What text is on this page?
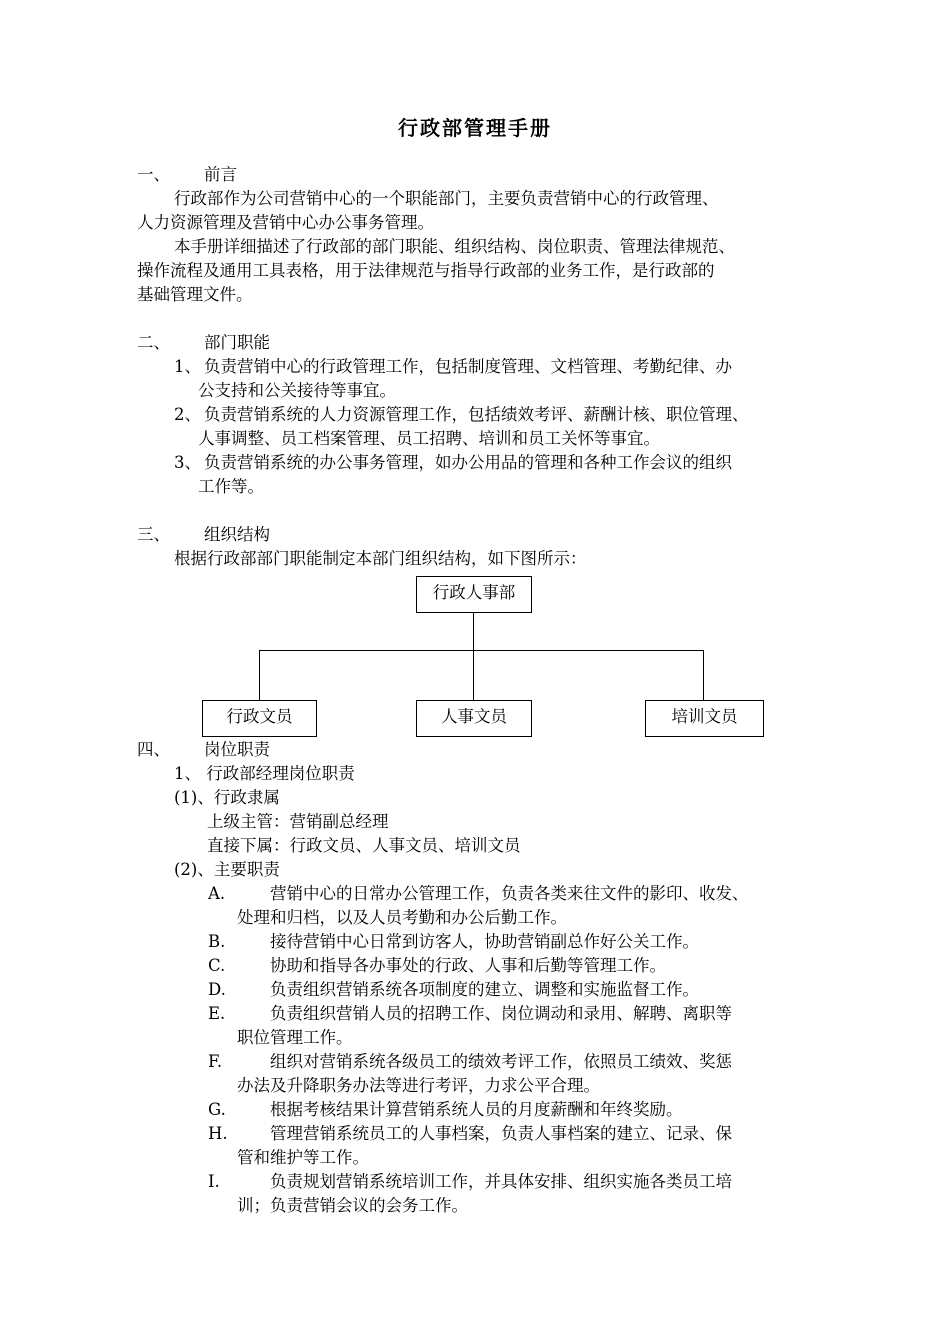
行政部管理手册
一、 前言
行政部作为公司营销中心的一个职能部门，主要负责营销中心的行政管理、
人力资源管理及营销中心办公事务管理。
本手册详细描述了行政部的部门职能、组织结构、岗位职责、管理法律规范、
操作流程及通用工具表格，用于法律规范与指导行政部的业务工作，是行政部的
基础管理文件。
二、 部门职能
1、 负责营销中心的行政管理工作，包括制度管理、文档管理、考勤纪律、办
公支持和公关接待等事宜。
2、 负责营销系统的人力资源管理工作，包括绩效考评、薪酬计核、职位管理、
人事调整、员工档案管理、员工招聘、培训和员工关怀等事宜。
3、 负责营销系统的办公事务管理，如办公用品的管理和各种工作会议的组织
工作等。
三、 组织结构
根据行政部部门职能制定本部门组织结构，如下图所示：
行政人事部
行政文员	人事文员	培训文员
四、 岗位职责
1、 行政部经理岗位职责
(1)、行政隶属
上级主管：营销副总经理
直接下属：行政文员、人事文员、培训文员
(2)、主要职责
A.	营销中心的日常办公管理工作，负责各类来往文件的影印、收发、
处理和归档，以及人员考勤和办公后勤工作。
B.	接待营销中心日常到访客人，协助营销副总作好公关工作。
C.	协助和指导各办事处的行政、人事和后勤等管理工作。
D.	负责组织营销系统各项制度的建立、调整和实施监督工作。
E.	负责组织营销人员的招聘工作、岗位调动和录用、解聘、离职等
职位管理工作。
F.	组织对营销系统各级员工的绩效考评工作，依照员工绩效、奖惩
办法及升降职务办法等进行考评，力求公平合理。
G.	根据考核结果计算营销系统人员的月度薪酬和年终奖励。
H.	管理营销系统员工的人事档案，负责人事档案的建立、记录、保
管和维护等工作。
I.	负责规划营销系统培训工作，并具体安排、组织实施各类员工培
训；负责营销会议的会务工作。
